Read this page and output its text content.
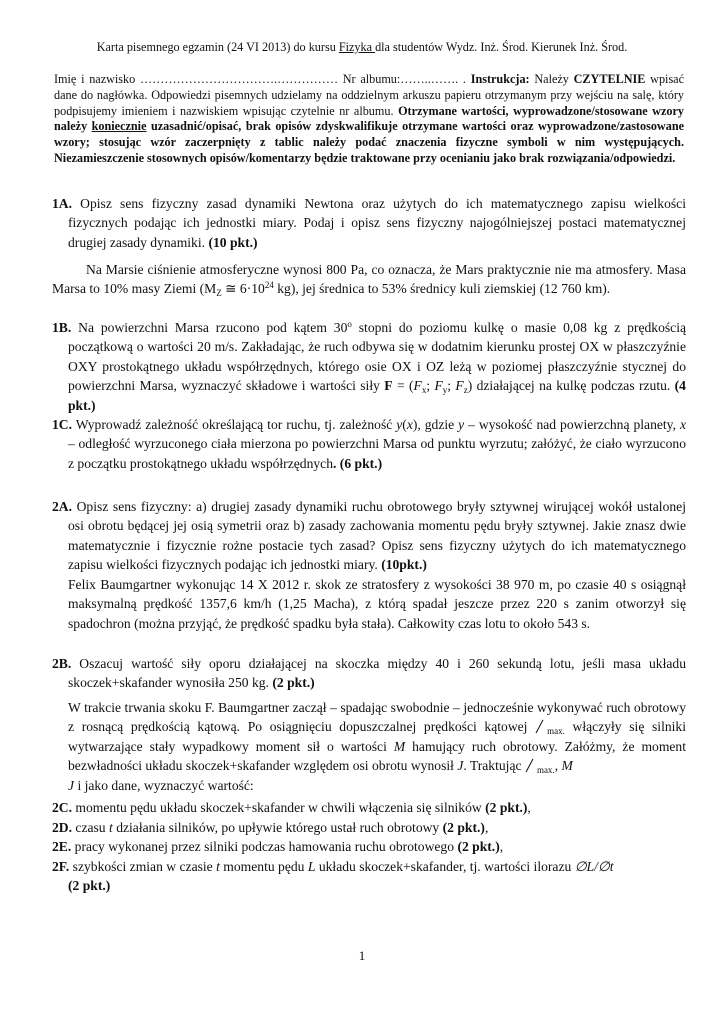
Karta pisemnego egzamin (24 VI 2013) do kursu Fizyka dla studentów Wydz. Inż. Środ. Kierunek Inż. Środ.
Imię i nazwisko …………………………….…………… Nr albumu:……..……. . Instrukcja: Należy CZYTELNIE wpisać dane do nagłówka. Odpowiedzi pisemnych udzielamy na oddzielnym arkuszu papieru otrzymanym przy wejściu na salę, który podpisujemy imieniem i nazwiskiem wpisując czytelnie nr albumu. Otrzymane wartości, wyprowadzone/stosowane wzory należy koniecznie uzasadnić/opisać, brak opisów zdyskwalifikuje otrzymane wartości oraz wyprowadzone/zastosowane wzory; stosując wzór zaczerpnięty z tablic należy podać znaczenia fizyczne symboli w nim występujących. Niezamieszczenie stosownych opisów/komentarzy będzie traktowane przy ocenianiu jako brak rozwiązania/odpowiedzi.
1A. Opisz sens fizyczny zasad dynamiki Newtona oraz użytych do ich matematycznego zapisu wielkości fizycznych podając ich jednostki miary. Podaj i opisz sens fizyczny najogólniejszej postaci matematycznej drugiej zasady dynamiki. (10 pkt.)
Na Marsie ciśnienie atmosferyczne wynosi 800 Pa, co oznacza, że Mars praktycznie nie ma atmosfery. Masa Marsa to 10% masy Ziemi ($M_Z$ ≅ $6\cdot 10^{24}$ kg), jej średnica to 53% średnicy kuli ziemskiej (12 760 km).
1B. Na powierzchni Marsa rzucono pod kątem 30$^o$ stopni do poziomu kulkę o masie 0,08 kg z prędkością początkową o wartości 20 m/s. Zakładając, że ruch odbywa się w dodatnim kierunku prostej OX w płaszczyźnie OXY prostokątnego układu współrzędnych, którego osie OX i OZ leżą w poziomej płaszczyźnie stycznej do powierzchni Marsa, wyznaczyć składowe i wartości siły $F = (F_x$; $F_y$; $F_z$) działającej na kulkę podczas rzutu. (4 pkt.)
1C. Wyprowadź zależność określającą tor ruchu, tj. zależność y(x), gdzie y – wysokość nad powierzchną planety, x – odległość wyrzuconego ciała mierzona po powierzchni Marsa od punktu wyrzutu; załóżyć, że ciało wyrzucono z początku prostokątnego układu współrzędnych. (6 pkt.)
2A. Opisz sens fizyczny: a) drugiej zasady dynamiki ruchu obrotowego bryły sztywnej wirującej wokół ustalonej osi obrotu będącej jej osią symetrii oraz b) zasady zachowania momentu pędu bryły sztywnej. Jakie znasz dwie matematycznie i fizycznie rożne postacie tych zasad? Opisz sens fizyczny użytych do ich matematycznego zapisu wielkości fizycznych podając ich jednostki miary. (10pkt.)
Felix Baumgartner wykonując 14 X 2012 r. skok ze stratosfery z wysokości 38 970 m, po czasie 40 s osiągnął maksymalną prędkość 1357,6 km/h (1,25 Macha), z którą spadał jeszcze przez 220 s zanim otworzył się spadochron (można przyjąć, że prędkość spadku była stała). Całkowity czas lotu to około 543 s.
2B. Oszacuj wartość siły oporu działającej na skoczka między 40 i 260 sekundą lotu, jeśli masa układu skoczek+skafander wynosiła 250 kg. (2 pkt.)
W trakcie trwania skoku F. Baumgartner zaczął – spadając swobodnie – jednocześnie wykonywać ruch obrotowy z rosnącą prędkością kątową. Po osiągnięciu dopuszczalnej prędkości kątowej $_{max.}$ włączyły się silniki wytwarzające stały wypadkowy moment sił o wartości M hamujący ruch obrotowy. Załóżmy, że moment bezwładności układu skoczek+skafander względem osi obrotu wynosił J. Traktując $_{max.}$, M
J i jako dane, wyznaczyć wartość:
2C. momentu pędu układu skoczek+skafander w chwili włączenia się silników (2 pkt.),
2D. czasu t działania silników, po upływie którego ustał ruch obrotowy (2 pkt.),
2E. pracy wykonanej przez silniki podczas hamowania ruchu obrotowego (2 pkt.),
2F. szybkości zmian w czasie t momentu pędu L układu skoczek+skafander, tj. wartości ilorazu ∅L/∅t
(2 pkt.)
1
